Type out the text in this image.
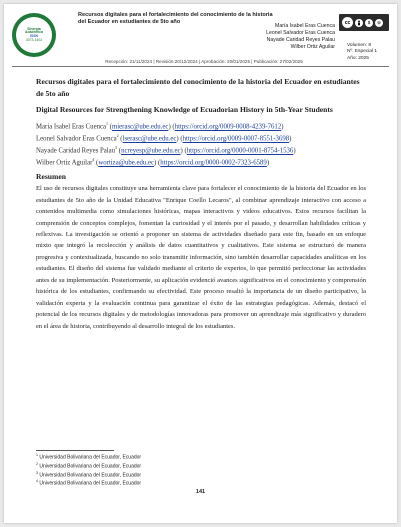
Sinergia
Académica
ISSN
3073-1402
Recursos digitales para el fortalecimiento del conocimiento de la historia del Ecuador en estudiantes de 5to año
María Isabel Eras Cuenca
Leonel Salvador Eras Cuenca
Nayade Caridad Reyes Palau
Wilber Ortiz Aguilar
cc	$	⊜
Volumen: 8
Nº. Especial 1
Año: 2025
Recepción: 21/11/2024 | Revisión:20/12/2024 | Aprobación: 20/01/2025 | Publicación: 27/02/2025

Recursos digitales para el fortalecimiento del conocimiento de la historia del Ecuador en estudiantes de 5to año

Digital Resources for Strengthening Knowledge of Ecuadorian History in 5th-Year Students

María Isabel Eras Cuenca$^1$ (mierasc@ube.edu.ec) (https://orcid.org/0009-0008-4239-7612)
Leonel Salvador Eras Cuenca$^2$ (lserasc@ube.edu.ec) (https://orcid.org/0009-0007-8551-3698)
Nayade Caridad Reyes Palau$^3$ (ncreyesp@ube.edu.ec) (https://orcid.org/0000-0001-8754-1536)
Wilber Ortiz Aguilar$^4$ (wortiza@ube.edu.ec) (https://orcid.org/0000-0002-7323-6589)
Resumen

El uso de recursos digitales constituye una herramienta clave para fortalecer el conocimiento de la historia del Ecuador en los estudiantes de 5to año de la Unidad Educativa "Enrique Coello Lecaros", al combinar aprendizaje interactivo con acceso a contenidos multimedia como simulaciones históricas, mapas interactivos y videos educativos. Estos recursos facilitan la comprensión de conceptos complejos, fomentan la curiosidad y el interés por el pasado, y desarrollan habilidades críticas y reflexivas. La investigación se orientó a proponer un sistema de actividades diseñado para este fin, basado en un enfoque mixto que integró la recolección y análisis de datos cuantitativos y cualitativos. Este sistema se estructuró de manera progresiva y contextualizada, buscando no solo transmitir información, sino también desarrollar capacidades analíticas en los estudiantes. El diseño del sistema fue validado mediante el criterio de expertos, lo que permitió perfeccionar las actividades antes de su implementación. Posteriormente, su aplicación evidenció avances significativos en el conocimiento y comprensión histórica de los estudiantes, confirmando su efectividad. Este proceso resaltó la importancia de un diseño participativo, la validación experta y la evaluación continua para garantizar el éxito de las estrategias pedagógicas. Además, destacó el potencial de los recursos digitales y de metodologías innovadoras para promover un aprendizaje más significativo y duradero en el área de historia, contribuyendo al desarrollo integral de los estudiantes.

$^1$ Universidad Bolivariana del Ecuador, Ecuador
$^2$ Universidad Bolivariana del Ecuador, Ecuador
$^3$ Universidad Bolivariana del Ecuador, Ecuador
$^4$ Universidad Bolivariana del Ecuador, Ecuador
141
